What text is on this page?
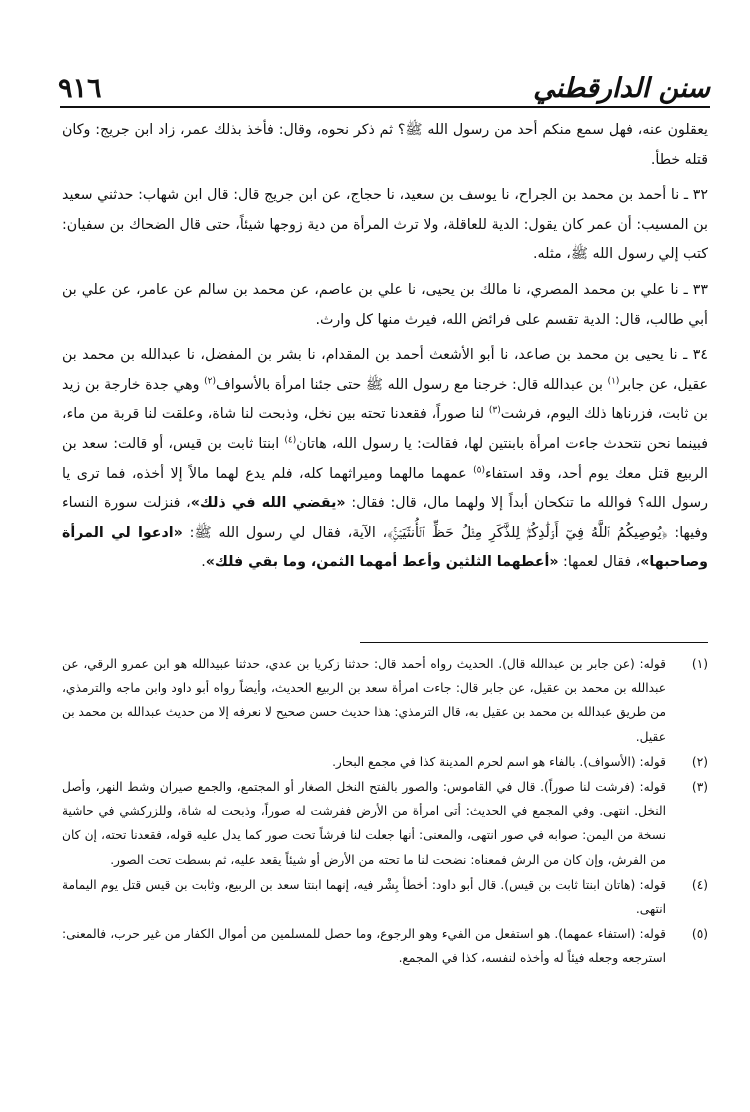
٩١٦	سنن الدارقطني

يعقلون عنه، فهل سمع منكم أحد من رسول الله ﷺ؟ ثم ذكر نحوه، وقال: فأخذ بذلك عمر، زاد ابن جريج: وكان قتله خطأ.

٣٢ ـ نا أحمد بن محمد بن الجراح، نا يوسف بن سعيد، نا حجاج، عن ابن جريج قال: قال ابن شهاب: حدثني سعيد بن المسيب: أن عمر كان يقول: الدية للعاقلة، ولا ترث المرأة من دية زوجها شيئاً، حتى قال الضحاك بن سفيان: كتب إلي رسول الله ﷺ، مثله.

٣٣ ـ نا علي بن محمد المصري، نا مالك بن يحيى، نا علي بن عاصم، عن محمد بن سالم عن عامر، عن علي بن أبي طالب، قال: الدية تقسم على فرائض الله، فيرث منها كل وارث.

٣٤ ـ نا يحيى بن محمد بن صاعد، نا أبو الأشعث أحمد بن المقدام، نا بشر بن المفضل، نا عبدالله بن محمد بن عقيل، عن جابر$^{(١)}$ بن عبدالله قال: خرجنا مع رسول الله ﷺ حتى جئنا امرأة بالأسواف$^{(٢)}$ وهي جدة خارجة بن زيد بن ثابت، فزرناها ذلك اليوم، فرشت$^{(٣)}$ لنا صوراً، فقعدنا تحته بين نخل، وذبحت لنا شاة، وعلقت لنا قربة من ماء، فبينما نحن نتحدث جاءت امرأة بابنتين لها، فقالت: يا رسول الله، هاتان$^{(٤)}$ ابنتا ثابت بن قيس، أو قالت: سعد بن الربيع قتل معك يوم أحد، وقد استفاء$^{(٥)}$ عمهما مالهما وميراثهما كله، فلم يدع لهما مالاً إلا أخذه، فما ترى يا رسول الله؟ فوالله ما تنكحان أبداً إلا ولهما مال، قال: فقال: «يقضي الله في ذلك»، فنزلت سورة النساء وفيها: ﴿يُوصِيكُمُ ٱللَّهُ فِيٓ أَوۡلَٰدِكُمۡۖ لِلذَّكَرِ مِثۡلُ حَظِّ ٱلۡأُنثَيَيۡنِۚ﴾، الآية، فقال لي رسول الله ﷺ: «ادعوا لي المرأة وصاحبها»، فقال لعمها: «أعطهما الثلثين وأعط أمهما الثمن، وما بقي فلك».

(١)
قوله: (عن جابر بن عبدالله قال). الحديث رواه أحمد قال: حدثنا زكريا بن عدي، حدثنا عبيدالله هو ابن عمرو الرقي، عن عبدالله بن محمد بن عقيل، عن جابر قال: جاءت امرأة سعد بن الربيع الحديث، وأيضاً رواه أبو داود وابن ماجه والترمذي، من طريق عبدالله بن محمد بن عقيل به، قال الترمذي: هذا حديث حسن صحيح لا نعرفه إلا من حديث عبدالله بن محمد بن عقيل.
(٢)
قوله: (الأسواف). بالفاء هو اسم لحرم المدينة كذا في مجمع البحار.
(٣)
قوله: (فرشت لنا صوراً). قال في القاموس: والصور بالفتح النخل الصغار أو المجتمع، والجمع صيران وشط النهر، وأصل النخل. انتهى. وفي المجمع في الحديث: أتى امرأة من الأرض ففرشت له صوراً، وذبحت له شاة، وللزركشي في حاشية نسخة من اليمن: صوابه في صور انتهى، والمعنى: أنها جعلت لنا فرشاً تحت صور كما يدل عليه قوله، فقعدنا تحته، إن كان من الفرش، وإن كان من الرش فمعناه: نضحت لنا ما تحته من الأرض أو شيئاً يقعد عليه، ثم بسطت تحت الصور.
(٤)
قوله: (هاتان ابنتا ثابت بن قيس). قال أبو داود: أخطأ بِشْر فيه، إنهما ابنتا سعد بن الربيع، وثابت بن قيس قتل يوم اليمامة انتهى.
(٥)
قوله: (استفاء عمهما). هو استفعل من الفيء وهو الرجوع، وما حصل للمسلمين من أموال الكفار من غير حرب، فالمعنى: استرجعه وجعله فيئاً له وأخذه لنفسه، كذا في المجمع.
